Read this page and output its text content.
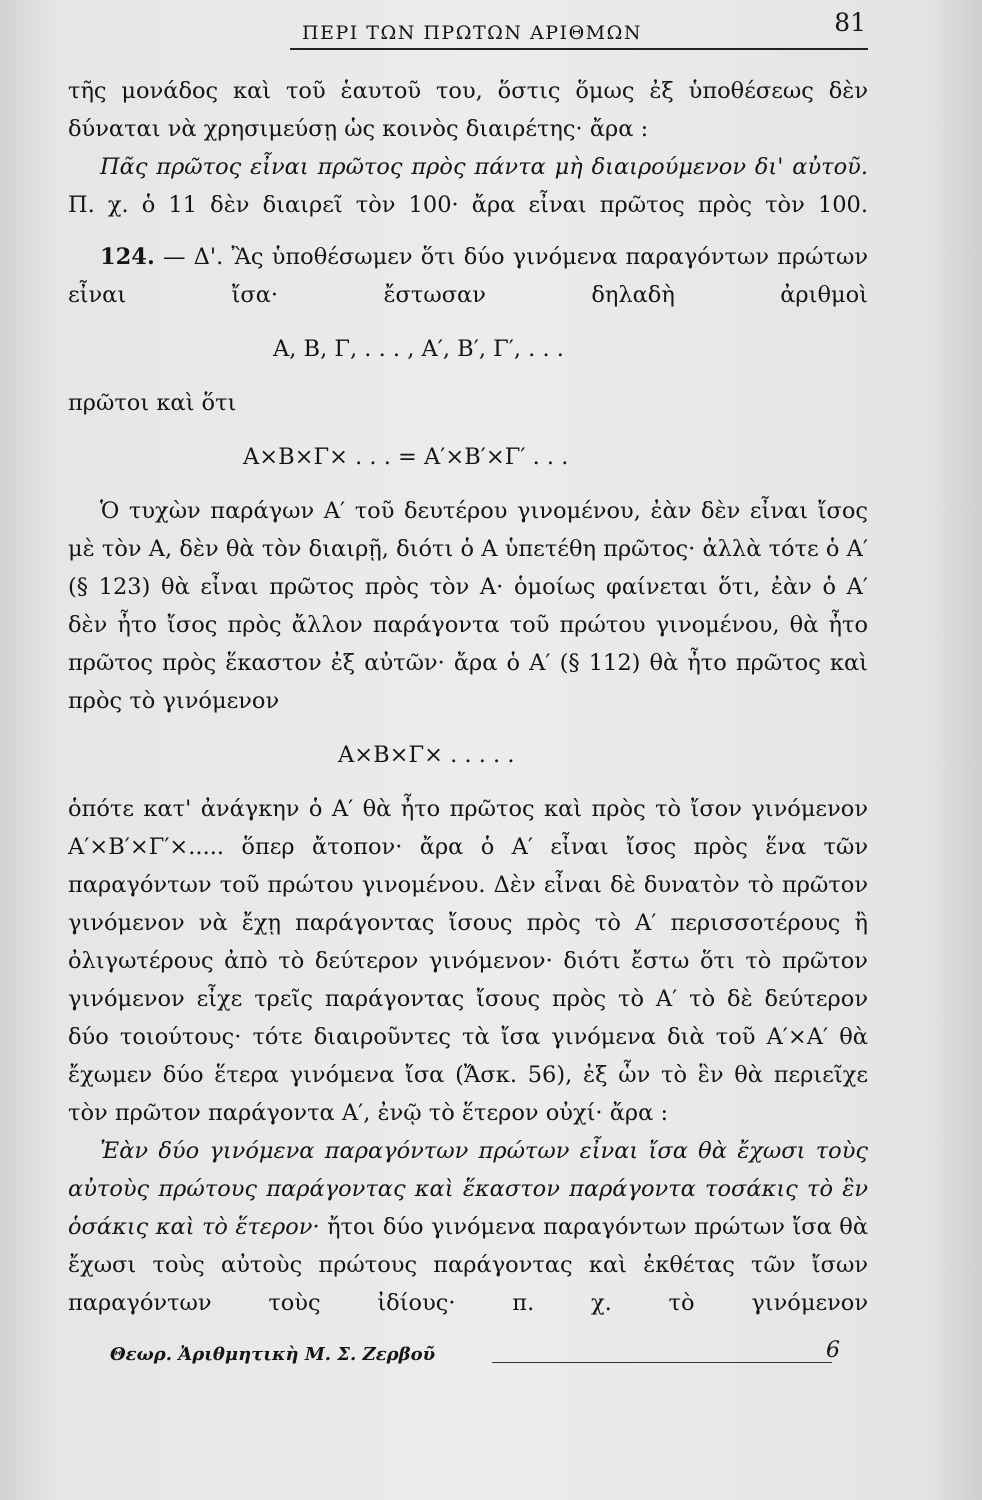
ΠΕΡΙ ΤΩΝ ΠΡΩΤΩΝ ΑΡΙΘΜΩΝ	81

τῆς μονάδος καὶ τοῦ ἑαυτοῦ του, ὅστις ὅμως ἐξ ὑποθέσεως δὲν δύναται νὰ χρησιμεύσῃ ὡς κοινὸς διαιρέτης· ἄρα :

Πᾶς πρῶτος εἶναι πρῶτος πρὸς πάντα μὴ διαιρούμενον δι' αὐτοῦ. Π. χ. ὁ 11 δὲν διαιρεῖ τὸν 100· ἄρα εἶναι πρῶτος πρὸς τὸν 100.

124. — Δ'. Ἂς ὑποθέσωμεν ὅτι δύο γινόμενα παραγόντων πρώτων εἶναι ἴσα· ἔστωσαν δηλαδὴ ἀριθμοὶ

Α, Β, Γ, . . . , Α′, Β′, Γ′, . . .

πρῶτοι καὶ ὅτι

Α×Β×Γ× . . . = Α′×Β′×Γ′ . . .

Ὁ τυχὼν παράγων Α′ τοῦ δευτέρου γινομένου, ἐὰν δὲν εἶναι ἴσος μὲ τὸν Α, δὲν θὰ τὸν διαιρῇ, διότι ὁ Α ὑπετέθη πρῶτος· ἀλλὰ τότε ὁ Α′ (§ 123) θὰ εἶναι πρῶτος πρὸς τὸν Α· ὁμοίως φαίνεται ὅτι, ἐὰν ὁ Α′ δὲν ἦτο ἴσος πρὸς ἄλλον παράγοντα τοῦ πρώτου γινομένου, θὰ ἦτο πρῶτος πρὸς ἕκαστον ἐξ αὐτῶν· ἄρα ὁ Α′ (§ 112) θὰ ἦτο πρῶτος καὶ πρὸς τὸ γινόμενον

Α×Β×Γ× . . . . .

ὁπότε κατ' ἀνάγκην ὁ Α′ θὰ ἦτο πρῶτος καὶ πρὸς τὸ ἴσον γινόμενον Α′×Β′×Γ′×..... ὅπερ ἄτοπον· ἄρα ὁ Α′ εἶναι ἴσος πρὸς ἕνα τῶν παραγόντων τοῦ πρώτου γινομένου. Δὲν εἶναι δὲ δυνατὸν τὸ πρῶτον γινόμενον νὰ ἔχῃ παράγοντας ἴσους πρὸς τὸ Α′ περισσοτέρους ἢ ὀλιγωτέρους ἀπὸ τὸ δεύτερον γινόμενον· διότι ἔστω ὅτι τὸ πρῶτον γινόμενον εἶχε τρεῖς παράγοντας ἴσους πρὸς τὸ Α′ τὸ δὲ δεύτερον δύο τοιούτους· τότε διαιροῦντες τὰ ἴσα γινόμενα διὰ τοῦ Α′×Α′ θὰ ἔχωμεν δύο ἕτερα γινόμενα ἴσα (Ἄσκ. 56), ἐξ ὧν τὸ ἓν θὰ περιεῖχε τὸν πρῶτον παράγοντα Α′, ἐνῷ τὸ ἕτερον οὐχί· ἄρα :

Ἐὰν δύο γινόμενα παραγόντων πρώτων εἶναι ἴσα θὰ ἔχωσι τοὺς αὐτοὺς πρώτους παράγοντας καὶ ἕκαστον παράγοντα τοσάκις τὸ ἓν ὁσάκις καὶ τὸ ἕτερον· ἤτοι δύο γινόμενα παραγόντων πρώτων ἴσα θὰ ἔχωσι τοὺς αὐτοὺς πρώτους παράγοντας καὶ ἐκθέτας τῶν ἴσων παραγόντων τοὺς ἰδίους· π. χ. τὸ γινόμενον

Θεωρ. Ἀριθμητικὴ Μ. Σ. Ζερβοῦ	6
